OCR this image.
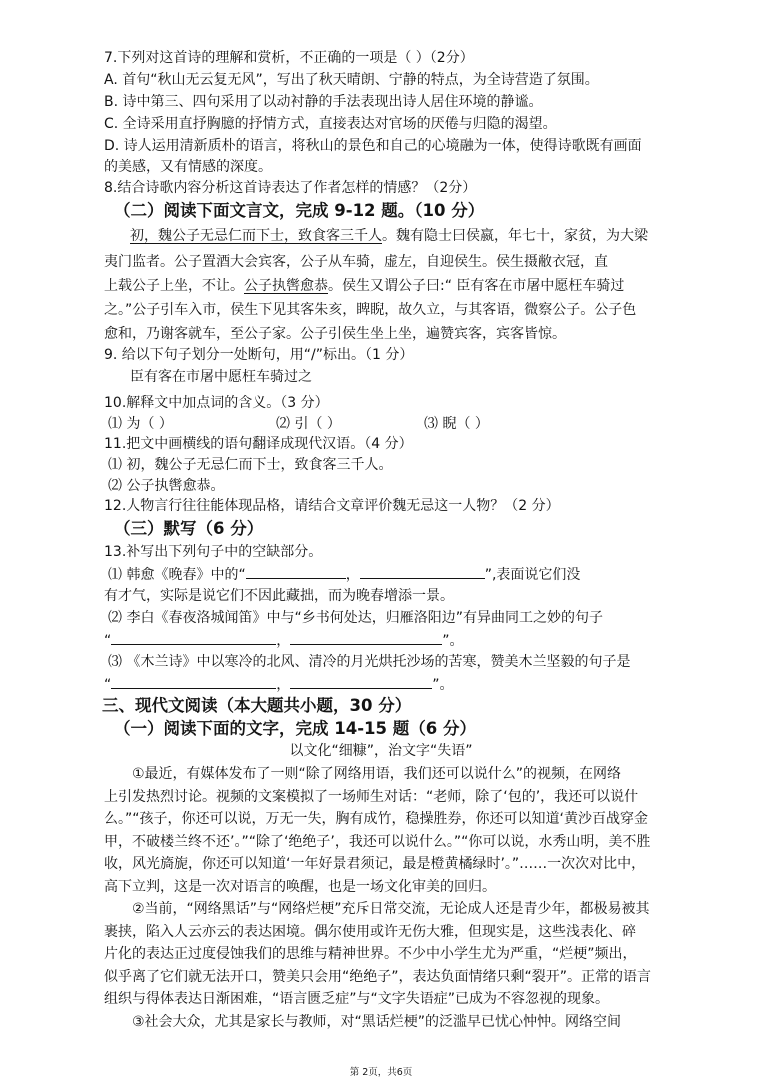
7.下列对这首诗的理解和赏析，不正确的一项是（ ）（2分）
A. 首句“秋山无云复无风”，写出了秋天晴朗、宁静的特点，为全诗营造了氛围。
B. 诗中第三、四句采用了以动衬静的手法表现出诗人居住环境的静谧。
C. 全诗采用直抒胸臆的抒情方式，直接表达对官场的厌倦与归隐的渴望。
D. 诗人运用清新质朴的语言，将秋山的景色和自己的心境融为一体，使得诗歌既有画面
的美感，又有情感的深度。
8.结合诗歌内容分析这首诗表达了作者怎样的情感？（2分）
（二）阅读下面文言文，完成 9-12 题。（10 分）
初，魏公子无忌仁而下士，致食客三千人。魏有隐士曰侯嬴，年七十，家贫，为大梁
夷门监者。公子置酒大会宾客，公子从车骑，虚左，自迎侯生。侯生摄敝衣冠，直
上载公子上坐，不让。公子执辔愈恭。侯生又谓公子曰:“ 臣有客在市屠中愿枉车骑过
之。”公子引车入市，侯生下见其客朱亥，睥睨，故久立，与其客语，微察公子。公子色
愈和，乃谢客就车，至公子家。公子引侯生坐上坐，遍赞宾客，宾客皆惊。
9. 给以下句子划分一处断句，用“/”标出。（1 分）
臣有客在市屠中愿枉车骑过之
10.解释文中加点词的含义。（3 分）
⑴ 为（ ）	⑵ 引（ ）	⑶ 睨（ ）
11.把文中画横线的语句翻译成现代汉语。（4 分）
⑴ 初，魏公子无忌仁而下士，致食客三千人。
⑵ 公子执辔愈恭。
12.人物言行往往能体现品格，请结合文章评价魏无忌这一人物？（2 分）
（三）默写（6 分）
13.补写出下列句子中的空缺部分。
⑴ 韩愈《晚春》中的“	，	”,表面说它们没
有才气，实际是说它们不因此藏拙，而为晚春增添一景。
⑵ 李白《春夜洛城闻笛》中与“乡书何处达，归雁洛阳边”有异曲同工之妙的句子
“	，	”。
⑶ 《木兰诗》中以寒冷的北风、清冷的月光烘托沙场的苦寒，赞美木兰坚毅的句子是
“	，	”。
三、现代文阅读（本大题共小题，30 分）
（一）阅读下面的文字，完成 14-15 题（6 分）
以文化“细糠”，治文字“失语”
①最近，有媒体发布了一则“除了网络用语，我们还可以说什么”的视频，在网络
上引发热烈讨论。视频的文案模拟了一场师生对话：“老师，除了‘包的’，我还可以说什
么。”“孩子，你还可以说，万无一失，胸有成竹，稳操胜券，你还可以知道‘黄沙百战穿金
甲，不破楼兰终不还’。”“除了‘绝绝子’，我还可以说什么。”“你可以说，水秀山明，美不胜
收，风光旖旎，你还可以知道‘一年好景君须记，最是橙黄橘绿时’。”……一次次对比中，
高下立判，这是一次对语言的唤醒，也是一场文化审美的回归。
②当前，“网络黑话”与“网络烂梗”充斥日常交流，无论成人还是青少年，都极易被其
裹挟，陷入人云亦云的表达困境。偶尔使用或许无伤大雅，但现实是，这些浅表化、碎
片化的表达正过度侵蚀我们的思维与精神世界。不少中小学生尤为严重，“烂梗”频出，
似乎离了它们就无法开口，赞美只会用“绝绝子”，表达负面情绪只剩“裂开”。正常的语言
组织与得体表达日渐困难，“语言匮乏症”与“文字失语症”已成为不容忽视的现象。
③社会大众，尤其是家长与教师，对“黑话烂梗”的泛滥早已忧心忡忡。网络空间
第 2页，共6页
